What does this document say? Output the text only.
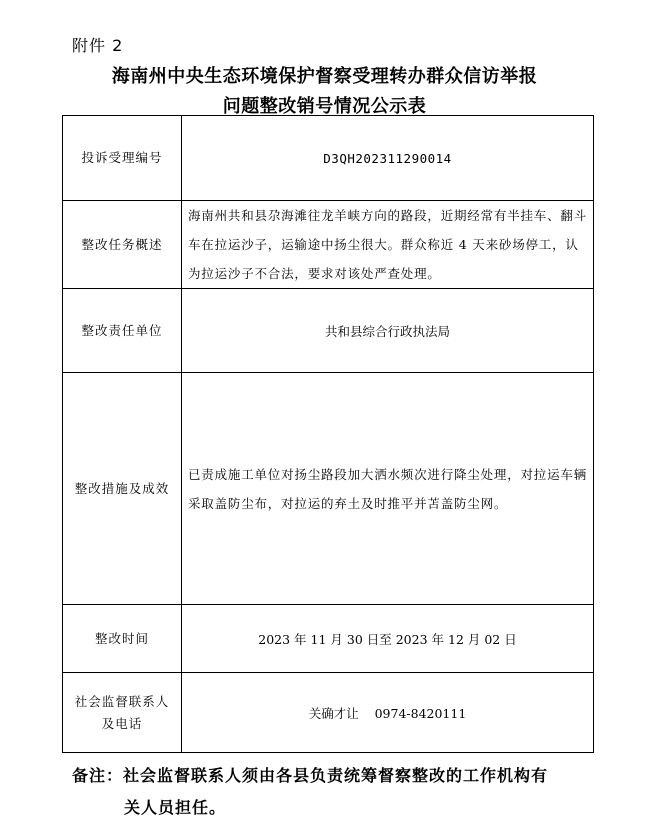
附件 2
海南州中央生态环境保护督察受理转办群众信访举报
问题整改销号情况公示表
投诉受理编号	D3QH202311290014
整改任务概述	海南州共和县尕海滩往龙羊峡方向的路段，近期经常有半挂车、翻斗车在拉运沙子，运输途中扬尘很大。群众称近 4 天来砂场停工，认为拉运沙子不合法，要求对该处严查处理。
整改责任单位	共和县综合行政执法局
整改措施及成效	已责成施工单位对扬尘路段加大洒水频次进行降尘处理，对拉运车辆采取盖防尘布，对拉运的弃土及时推平并苫盖防尘网。
整改时间	2023 年 11 月 30 日至 2023 年 12 月 02 日

社会监督联系人
及电话	关确才让    0974-8420111
备注：社会监督联系人须由各县负责统筹督察整改的工作机构有
关人员担任。
